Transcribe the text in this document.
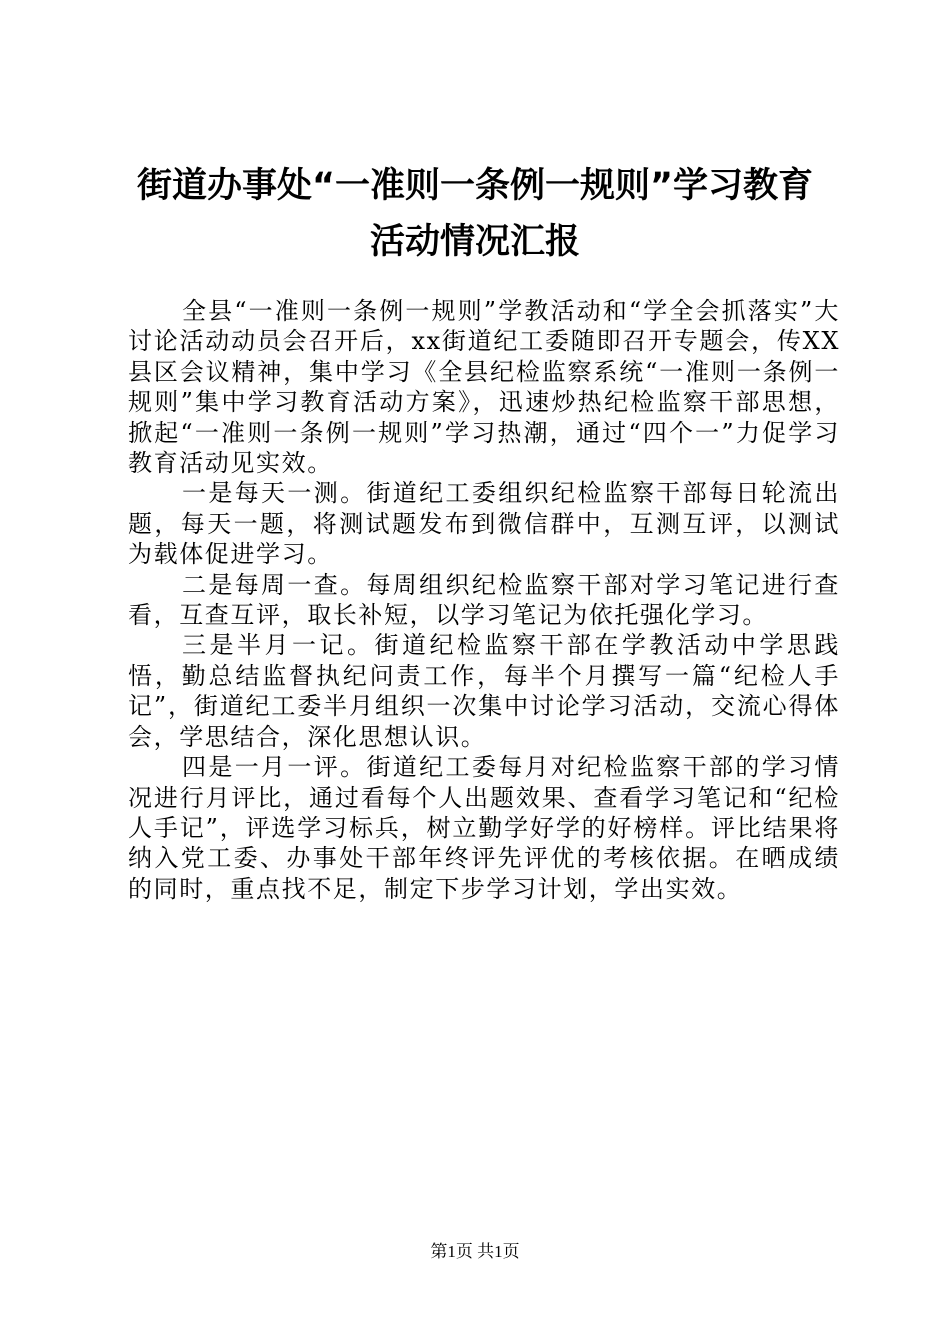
街道办事处“一准则一条例一规则”学习教育
活动情况汇报

全县“一准则一条例一规则”学教活动和“学全会抓落实”大讨论活动动员会召开后，xx街道纪工委随即召开专题会，传XX县区会议精神，集中学习《全县纪检监察系统“一准则一条例一规则”集中学习教育活动方案》，迅速炒热纪检监察干部思想，掀起“一准则一条例一规则”学习热潮，通过“四个一”力促学习教育活动见实效。

一是每天一测。街道纪工委组织纪检监察干部每日轮流出题，每天一题，将测试题发布到微信群中，互测互评，以测试为载体促进学习。

二是每周一查。每周组织纪检监察干部对学习笔记进行查看，互查互评，取长补短，以学习笔记为依托强化学习。

三是半月一记。街道纪检监察干部在学教活动中学思践悟，勤总结监督执纪问责工作，每半个月撰写一篇“纪检人手记”，街道纪工委半月组织一次集中讨论学习活动，交流心得体会，学思结合，深化思想认识。

四是一月一评。街道纪工委每月对纪检监察干部的学习情况进行月评比，通过看每个人出题效果、查看学习笔记和“纪检人手记”，评选学习标兵，树立勤学好学的好榜样。评比结果将纳入党工委、办事处干部年终评先评优的考核依据。在晒成绩的同时，重点找不足，制定下步学习计划，学出实效。

第1页 共1页
